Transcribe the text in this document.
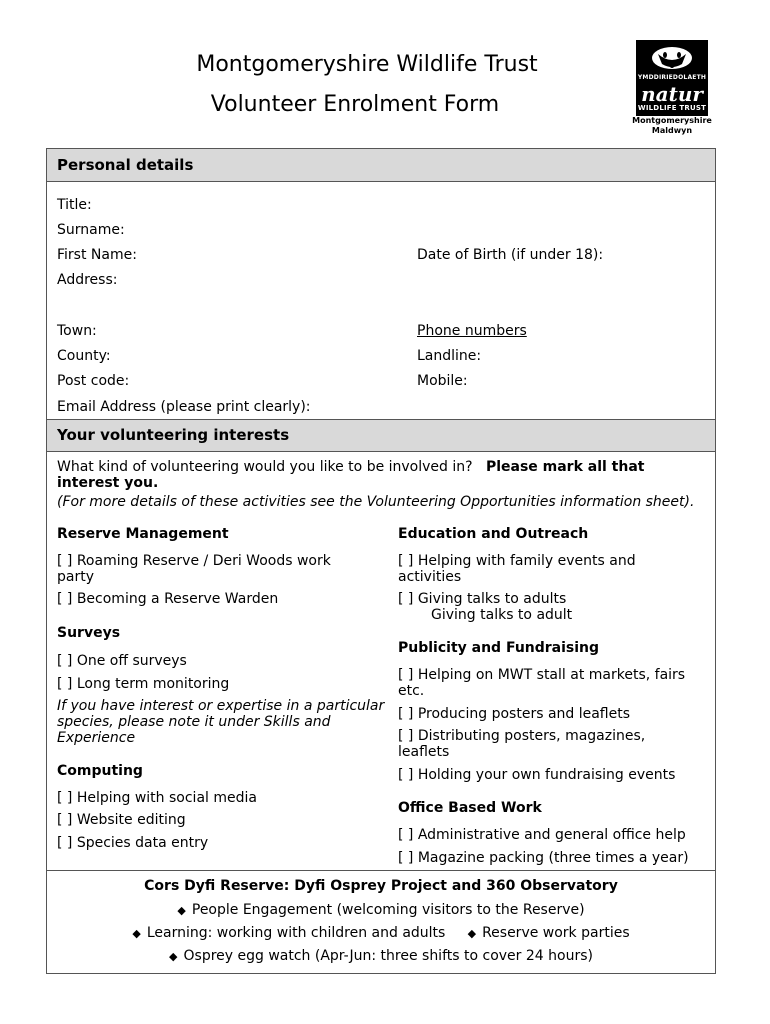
Montgomeryshire Wildlife Trust
Volunteer Enrolment Form
YMDDIRIEDOLAETH
natur
WILDLIFE TRUST
Montgomeryshire
Maldwyn
Personal details
Title:
Surname:
First Name:	Date of Birth (if under 18):
Address:
Town:	Phone numbers
County:	Landline:
Post code:	Mobile:
Email Address (please print clearly):
Your volunteering interests
What kind of volunteering would you like to be involved in? Please mark all that interest you.
(For more details of these activities see the Volunteering Opportunities information sheet).
Reserve Management
[ ] Roaming Reserve / Deri Woods work party
[ ] Becoming a Reserve Warden
Surveys
[ ] One off surveys
[ ] Long term monitoring
If you have interest or expertise in a particular species, please note it under Skills and Experience
Computing
[ ] Helping with social media
[ ] Website editing
[ ] Species data entry
Education and Outreach
[ ] Helping with family events and activities
[ ] Giving talks to adults
Giving talks to adult
Publicity and Fundraising
[ ] Helping on MWT stall at markets, fairs etc.
[ ] Producing posters and leaflets
[ ] Distributing posters, magazines, leaflets
[ ] Holding your own fundraising events
Office Based Work
[ ] Administrative and general office help
[ ] Magazine packing (three times a year)
Cors Dyfi Reserve: Dyfi Osprey Project and 360 Observatory
◆ People Engagement (welcoming visitors to the Reserve)
◆ Learning: working with children and adults ◆ Reserve work parties
◆ Osprey egg watch (Apr-Jun: three shifts to cover 24 hours)
